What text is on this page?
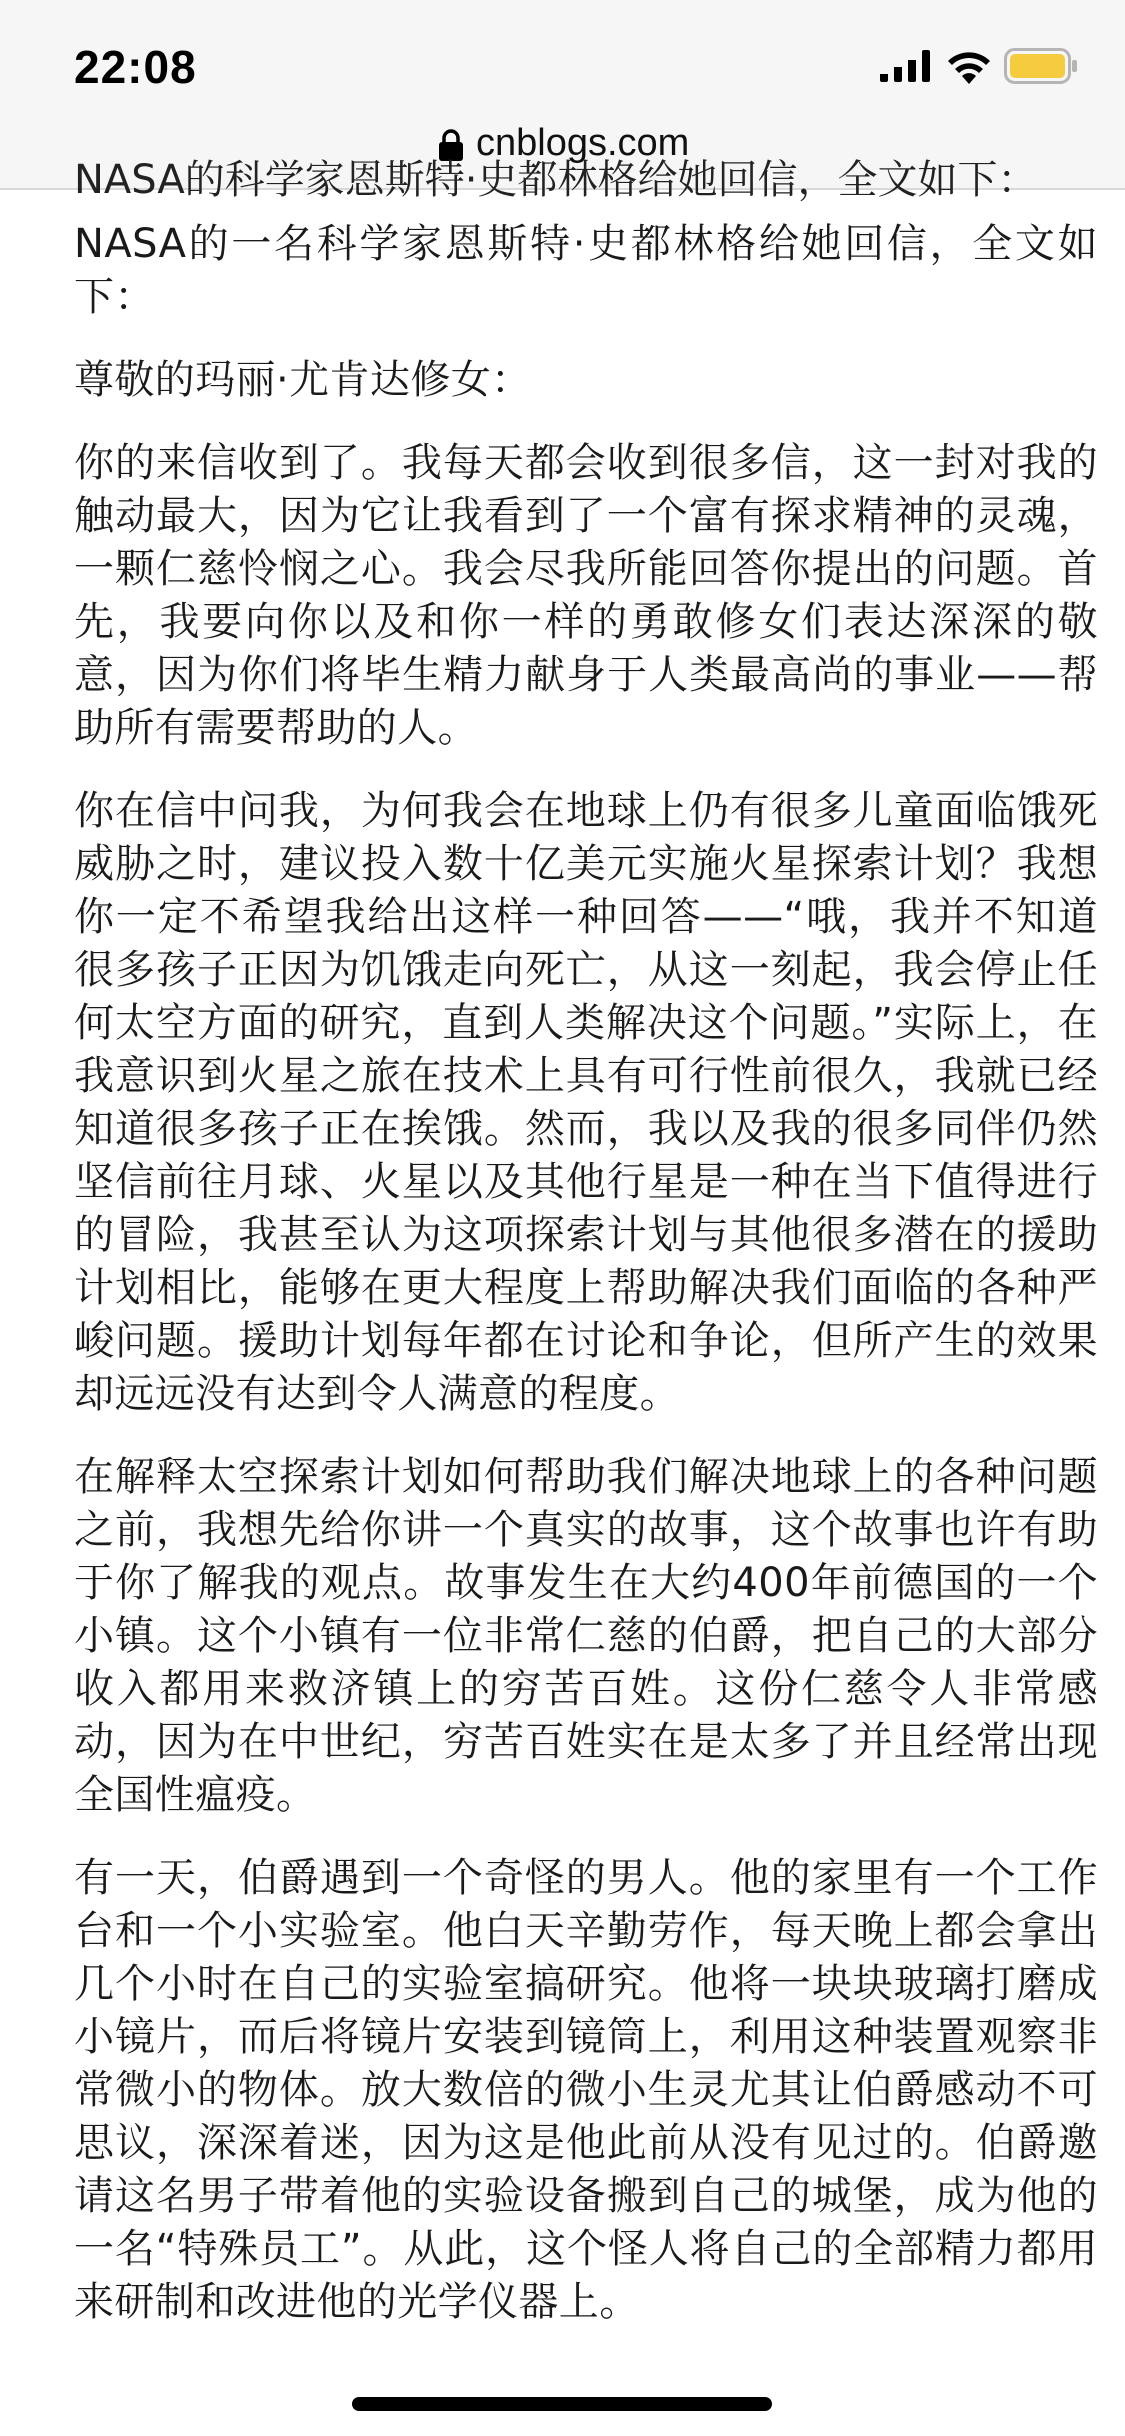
22:08
cnblogs.com
NASA的科学家恩斯特·史都林格给她回信，全文如下：

NASA的一名科学家恩斯特·史都林格给她回信，全文如下：

尊敬的玛丽·尤肯达修女：

你的来信收到了。我每天都会收到很多信，这一封对我的触动最大，因为它让我看到了一个富有探求精神的灵魂，一颗仁慈怜悯之心。我会尽我所能回答你提出的问题。首先，我要向你以及和你一样的勇敢修女们表达深深的敬意，因为你们将毕生精力献身于人类最高尚的事业——帮助所有需要帮助的人。

你在信中问我，为何我会在地球上仍有很多儿童面临饿死威胁之时，建议投入数十亿美元实施火星探索计划？我想你一定不希望我给出这样一种回答——“哦，我并不知道很多孩子正因为饥饿走向死亡，从这一刻起，我会停止任何太空方面的研究，直到人类解决这个问题。”实际上，在我意识到火星之旅在技术上具有可行性前很久，我就已经知道很多孩子正在挨饿。然而，我以及我的很多同伴仍然坚信前往月球、火星以及其他行星是一种在当下值得进行的冒险，我甚至认为这项探索计划与其他很多潜在的援助计划相比，能够在更大程度上帮助解决我们面临的各种严峻问题。援助计划每年都在讨论和争论，但所产生的效果却远远没有达到令人满意的程度。

在解释太空探索计划如何帮助我们解决地球上的各种问题之前，我想先给你讲一个真实的故事，这个故事也许有助于你了解我的观点。故事发生在大约400年前德国的一个小镇。这个小镇有一位非常仁慈的伯爵，把自己的大部分收入都用来救济镇上的穷苦百姓。这份仁慈令人非常感动，因为在中世纪，穷苦百姓实在是太多了并且经常出现全国性瘟疫。

有一天，伯爵遇到一个奇怪的男人。他的家里有一个工作台和一个小实验室。他白天辛勤劳作，每天晚上都会拿出几个小时在自己的实验室搞研究。他将一块块玻璃打磨成小镜片，而后将镜片安装到镜筒上，利用这种装置观察非常微小的物体。放大数倍的微小生灵尤其让伯爵感动不可思议，深深着迷，因为这是他此前从没有见过的。伯爵邀请这名男子带着他的实验设备搬到自己的城堡，成为他的一名“特殊员工”。从此，这个怪人将自己的全部精力都用来研制和改进他的光学仪器上。
